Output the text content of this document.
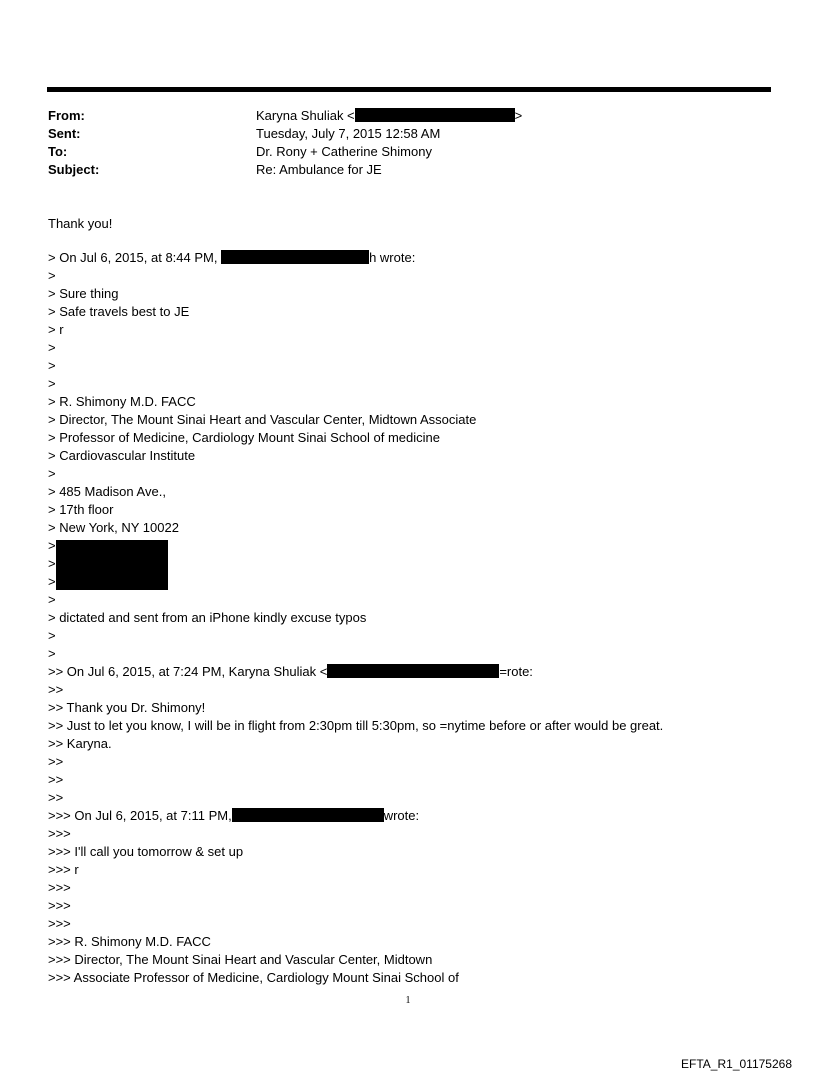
From:	Karyna Shuliak <	>
Sent:	Tuesday, July 7, 2015 12:58 AM
To:	Dr. Rony + Catherine Shimony
Subject:	Re: Ambulance for JE
Thank you!
> On Jul 6, 2015, at 8:44 PM,	h wrote:
>
> Sure thing
> Safe travels best to JE
> r
>
>
>
> R. Shimony M.D. FACC
> Director, The Mount Sinai Heart and Vascular Center, Midtown Associate
> Professor of Medicine, Cardiology Mount Sinai School of medicine
> Cardiovascular Institute
>
> 485 Madison Ave.,
> 17th floor
> New York, NY 10022
>
>
>
>
> dictated and sent from an iPhone kindly excuse typos
>
>
>> On Jul 6, 2015, at 7:24 PM, Karyna Shuliak <	=rote:
>>
>> Thank you Dr. Shimony!
>> Just to let you know, I will be in flight from 2:30pm till 5:30pm, so =nytime before or after would be great.
>> Karyna.
>>
>>
>>
>>> On Jul 6, 2015, at 7:11 PM,	wrote:
>>>
>>> I'll call you tomorrow & set up
>>> r
>>>
>>>
>>>
>>> R. Shimony M.D. FACC
>>> Director, The Mount Sinai Heart and Vascular Center, Midtown
>>> Associate Professor of Medicine, Cardiology Mount Sinai School of
1
EFTA_R1_01175268
